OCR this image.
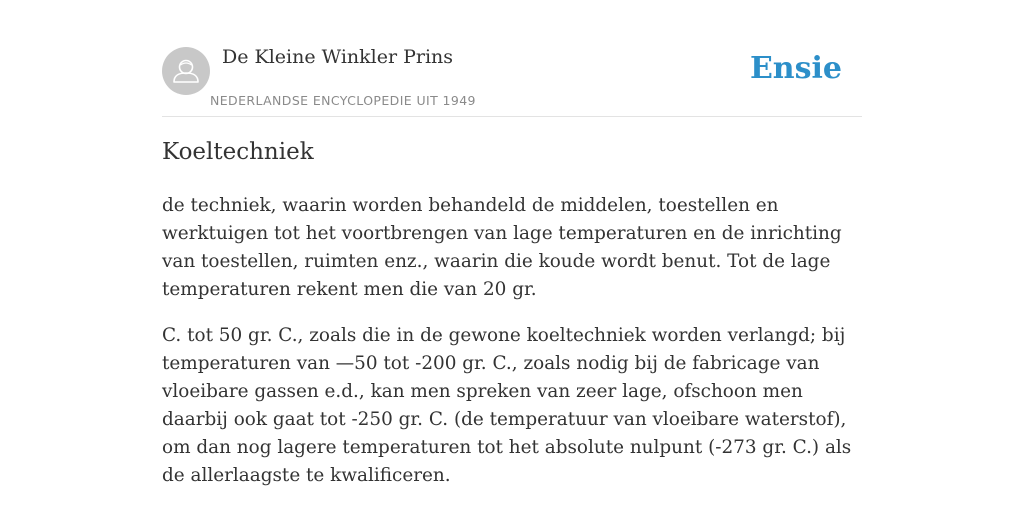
De Kleine Winkler Prins
NEDERLANDSE ENCYCLOPEDIE UIT 1949
Ensie
Koeltechniek

de techniek, waarin worden behandeld de middelen, toestellen en werktuigen tot het voortbrengen van lage temperaturen en de inrichting van toestellen, ruimten enz., waarin die koude wordt benut. Tot de lage temperaturen rekent men die van 20 gr.

C. tot 50 gr. C., zoals die in de gewone koeltechniek worden verlangd; bij temperaturen van —50 tot -200 gr. C., zoals nodig bij de fabricage van vloeibare gassen e.d., kan men spreken van zeer lage, ofschoon men daarbij ook gaat tot -250 gr. C. (de temperatuur van vloeibare waterstof), om dan nog lagere temperaturen tot het absolute nulpunt (-273 gr. C.) als de allerlaagste te kwalificeren.
